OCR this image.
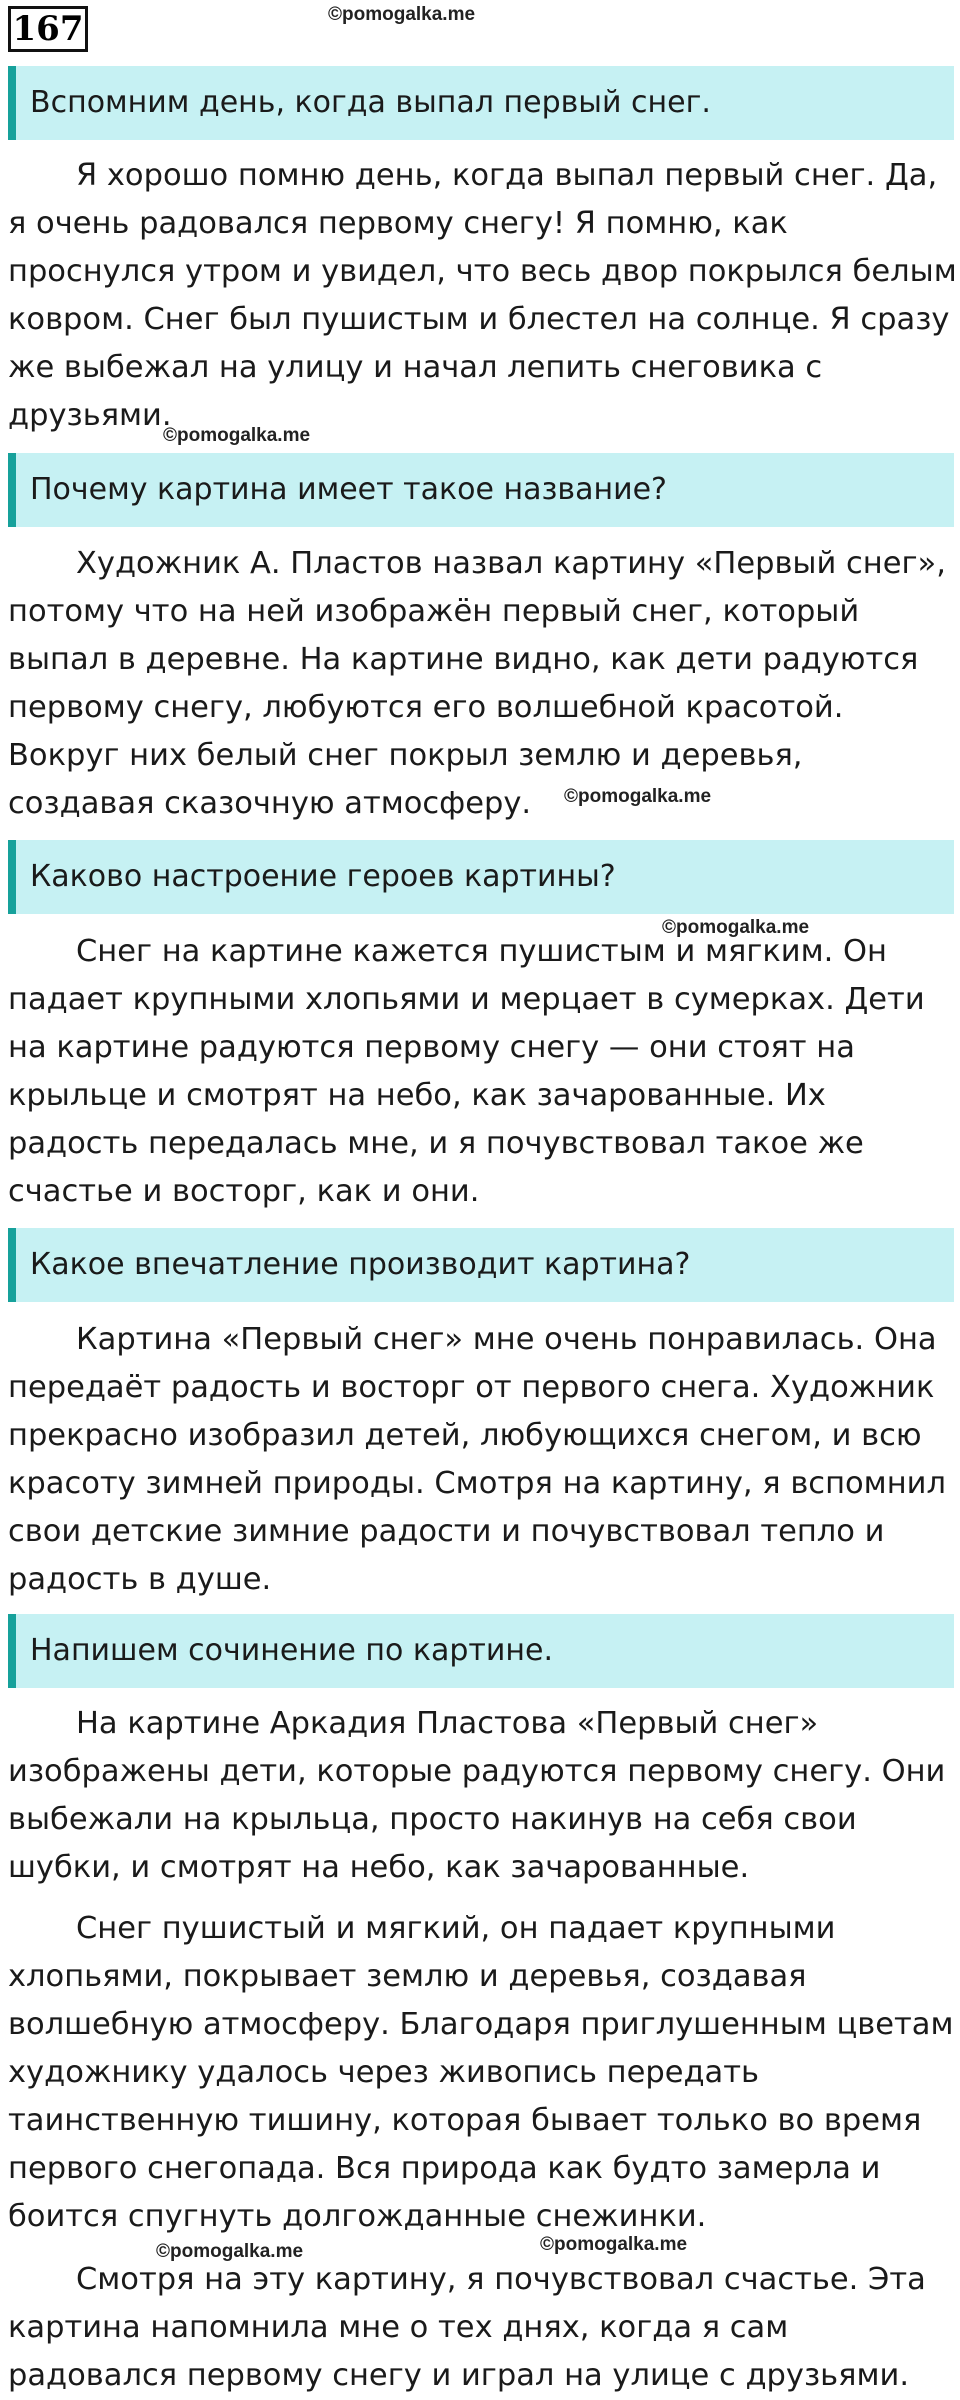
167	©pomogalka.me
Вспомним день, когда выпал первый снег.

Я хорошо помню день, когда выпал первый снег. Да, я очень радовался первому снегу! Я помню, как проснулся утром и увидел, что весь двор покрылся белым ковром. Снег был пушистым и блестел на солнце. Я сразу же выбежал на улицу и начал лепить снеговика с друзьями.

©pomogalka.me
Почему картина имеет такое название?

Художник А. Пластов назвал картину «Первый снег», потому что на ней изображён первый снег, который выпал в деревне. На картине видно, как дети радуются первому снегу, любуются его волшебной красотой. Вокруг них белый снег покрыл землю и деревья, создавая сказочную атмосферу.	©pomogalka.me
Каково настроение героев картины?
©pomogalka.me

Снег на картине кажется пушистым и мягким. Он падает крупными хлопьями и мерцает в сумерках. Дети на картине радуются первому снегу — они стоят на крыльце и смотрят на небо, как зачарованные. Их радость передалась мне, и я почувствовал такое же счастье и восторг, как и они.

Какое впечатление производит картина?

Картина «Первый снег» мне очень понравилась. Она передаёт радость и восторг от первого снега. Художник прекрасно изобразил детей, любующихся снегом, и всю красоту зимней природы. Смотря на картину, я вспомнил свои детские зимние радости и почувствовал тепло и радость в душе.

Напишем сочинение по картине.

На картине Аркадия Пластова «Первый снег» изображены дети, которые радуются первому снегу. Они выбежали на крыльца, просто накинув на себя свои шубки, и смотрят на небо, как зачарованные.

Снег пушистый и мягкий, он падает крупными хлопьями, покрывает землю и деревья, создавая волшебную атмосферу. Благодаря приглушенным цветам художнику удалось через живопись передать таинственную тишину, которая бывает только во время первого снегопада. Вся природа как будто замерла и боится спугнуть долгожданные снежинки.

©pomogalka.me	©pomogalka.me

Смотря на эту картину, я почувствовал счастье. Эта картина напомнила мне о тех днях, когда я сам радовался первому снегу и играл на улице с друзьями.
